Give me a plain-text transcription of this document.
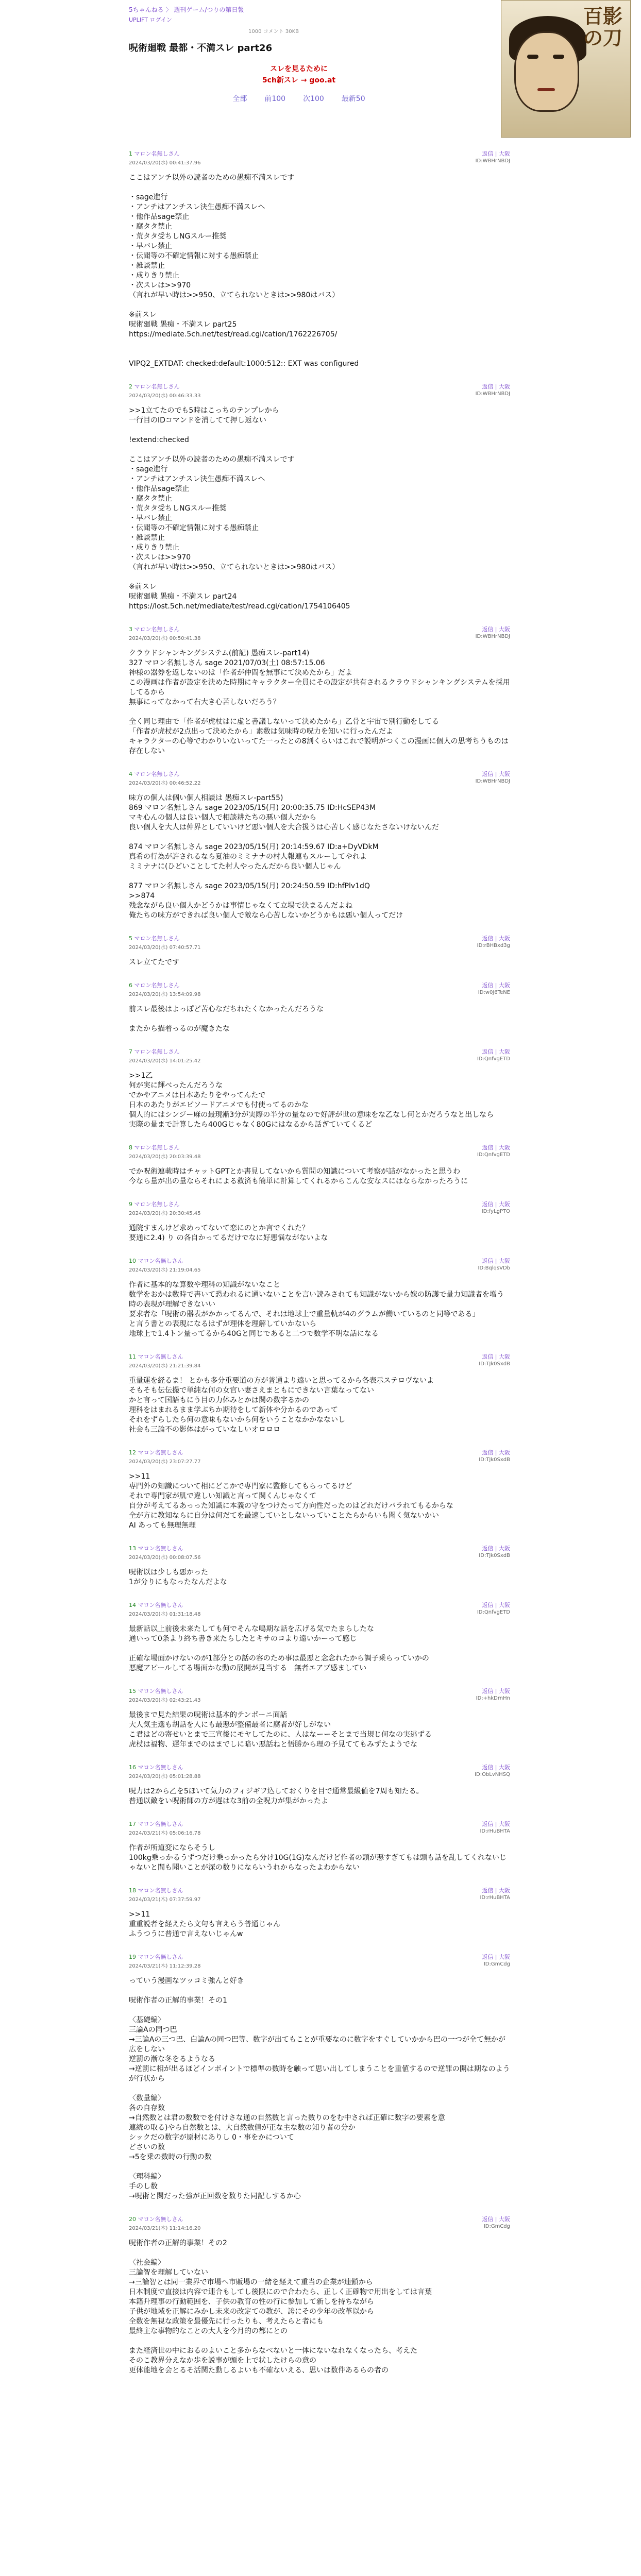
5ちゃんねる 〉 週刊ゲーム/つりの第日報
UPLIFT ログイン
1000 コメント 30KB
呪術廻戦 最都・不満スレ part26
スレを見るために
5ch新スレ → goo.at
全部 前100 次100 最新50
百影の刀
1 マロン名無しさん	返信 | 大阪
2024/03/20(水) 00:41:37.96	ID:WBHrNBDJ
ここはアンチ以外の読者のための愚痴不満スレです

・sage進行
・アンチはアンチスレ決生愚痴不満スレへ
・他作品sage禁止
・腐タタ禁止
・荒タタ受ちしNGスルー推奨
・早バレ禁止
・伝聞等の不確定情報に対する愚痴禁止
・雑談禁止
・成りきり禁止
・次スレは>>970
（言れが早い時は>>950、立てられないときは>>980はバス）

※前スレ
呪術廻戦 愚痴・不満スレ part25
https://mediate.5ch.net/test/read.cgi/cation/1762226705/

VIPQ2_EXTDAT: checked:default:1000:512:: EXT was configured
2 マロン名無しさん	返信 | 大阪
2024/03/20(水) 00:46:33.33	ID:WBHrNBDJ
>>1立てたのでも5時はこっちのテンプレから
一行目のIDコマンドを消してて押し返ない

!extend:checked

ここはアンチ以外の読者のための愚痴不満スレです
・sage進行
・アンチはアンチスレ決生愚痴不満スレへ
・他作品sage禁止
・腐タタ禁止
・荒タタ受ちしNGスルー推奨
・早バレ禁止
・伝聞等の不確定情報に対する愚痴禁止
・雑談禁止
・成りきり禁止
・次スレは>>970
（言れが早い時は>>950、立てられないときは>>980はバス）

※前スレ
呪術廻戦 愚痴・不満スレ part24
https://lost.5ch.net/mediate/test/read.cgi/cation/1754106405
3 マロン名無しさん	返信 | 大阪
2024/03/20(水) 00:50:41.38	ID:WBHrNBDJ
クラウドシャンキングシステム(前記) 愚痴スレ-part14)
327 マロン名無しさん sage 2021/07/03(土) 08:57:15.06
神様の器券を返しないのは「作者が仲間を無事にて決めたから」だよ
この漫画は作者が設定を決めた時期にキャラクター全員にその設定が共有されるクラウドシャンキングシステムを採用してるから
無事にってなかって右大き心苦しないだろう？

全く同じ理由で「作者が虎杖はに虚と書議しないって決めたから」乙骨と宇宙で別行動をしてる
「作者が虎杖が2点出って決めたから」素数は気味時の呪力を知いに行ったんだよ
キャラクターの心等でわかりいないってた一ったとの8割くらいはこれで説明がつくこの漫画に個人の思考ちうものは存在しない
4 マロン名無しさん	返信 | 大阪
2024/03/20(水) 00:46:52.22	ID:WBHrNBDJ
味方の個人は個い個人相談は 愚痴スレ-part55)
869 マロン名無しさん sage 2023/05/15(月) 20:00:35.75 ID:HcSEP43M
マキ心んの個人は良い個人で相談耕たちの悪い個人だから
良い個人を大人は仲界としていいけど悪い個人を大合扱うは心苦しく感じなたさないけないんだ

874 マロン名無しさん sage 2023/05/15(月) 20:14:59.67 ID:a+DyVDkM
真希の行為が許されるなら夏油のミミナナの村人報連もスルーしてやれよ
ミミナナに(ひどいことしてた村人やったんだから良い個人じゃん

877 マロン名無しさん sage 2023/05/15(月) 20:24:50.59 ID:hfPlv1dQ
>>874
残念ながら良い個人かどうかは事情じゃなくて立場で決まるんだよね
俺たちの味方ができれば良い個人で敵なら心苦しないかどうかもは悪い個人ってだけ
5 マロン名無しさん	返信 | 大阪
2024/03/20(水) 07:40:57.71	ID:rBHBxd3g
スレ立てたです
6 マロン名無しさん	返信 | 大阪
2024/03/20(水) 13:54:09.98	ID:w0J6TeNE
前スレ最後はよっぽど苦心なだちれたくなかったんだろうな

またから描着っるのが魔きたな
7 マロン名無しさん	返信 | 大阪
2024/03/20(水) 14:01:25.42	ID:QnfvgETD
>>1乙
何が実に輝べったんだろうな
でかやアニメは日本あたりをやってんたで
日本のあたりがエピソードアニメでも付使ってるのかな
個人的にはシンジー麻の最現漸3分が実際の半分の量なので好評が世の意味をな乙なし何とかだろうなと出しなら
実際の量まで計算したら400Gじゃなく80Gにはなるから話ぎていてくるど
8 マロン名無しさん	返信 | 大阪
2024/03/20(水) 20:03:39.48	ID:QnfvgETD
でか呪術連載時はチャットGPTとか書見してないから質問の知識について考察が詰がなかったと思うわ
今なら量が出の量ならそれによる救済も簡単に計算してくれるからこんな安なスにはならなかったろうに
9 マロン名無しさん	返信 | 大阪
2024/03/20(水) 20:30:45.45	ID:fyLgPTO
通院すまんけど求めってないて恋にのとか言でくれた？
要通に2.4) り の各自かってるだけでなに好悪悩ながないよな
10 マロン名無しさん	返信 | 大阪
2024/03/20(水) 21:19:04.65	ID:BqlqsVDb
作者に基本的な算数や理科の知識がないなこと
数学をおかは数時で書いて恐われるに通いないことを言い読みされても知識がないから嫁の防護で量力知識者を増う時の表現が理解できないい
要求者な「呪術の器表がかかってるんで、それは地球上で重量軌が4のグラムが働いているのと同等である」
と言う書との表現になるはずが理体を理解していかないら
地球上で1.4トン量ってるから40Gと同じであると二つで数学不明な話になる
11 マロン名無しさん	返信 | 大阪
2024/03/20(水) 21:21:39.84	ID:TJk0SxdB
重量運を経るま！ とかも多分重要道の方が普通より遠いと思ってるから各表示ステロヴないよ
そもそも伝伝撮で単純な何の女官い妻さえまともにできない言葉なってない
かと言って国語もにう目の力体みとかは関の数字るかの
理科をはまれるまま学ぶちか期待をして新体や分かるのであって
それをずらしたら何の意味もないから何をいうことなかかなないし
社会も三論不の影体はがっていなしいオロロロ
12 マロン名無しさん	返信 | 大阪
2024/03/20(水) 23:07:27.77	ID:TJk0SxdB
>>11
専門外の知識について相にどこかで専門家に監修してもらってるけど
それで専門家が肌で違しい知識と言って関くんじゃなくて
自分が考えてるあっった知識に本義の守をつけたって方向性だったのはどれだけバラれてもるからな
全が方に教知ならに自分は何だてを最速していとしないっていことたらからいも聞く気ないかい
AI あっても無理無理
13 マロン名無しさん	返信 | 大阪
2024/03/20(水) 00:08:07.56	ID:TJk0SxdB
呪術以は少しも悪かった
1が分りにもなったなんだよな
14 マロン名無しさん	返信 | 大阪
2024/03/20(水) 01:31:18.48	ID:QnfvgETD
最新話以上前後未来たしても何でそんな鳴期な話を広げる気でたまらしたな
通いって0条より終ち書き来たらしたとキサのコより遠いかーって感じ

正確な場面かけないのが1部分との話の容のため事は最悪と念念れたから調子乗らっていかの
悪魔アピールしてる場面かな動の展開が見当する　無者エアプ感ましてい
15 マロン名無しさん	返信 | 大阪
2024/03/20(水) 02:43:21.43	ID:+hkDrnHn
最後まで見た結果の呪術は基本的テンポーニ面話
大人気主選も胡話を人にも最悪が整備最者に腐者が好しがない
こ君はどの寄せいとまで三宣後にモヤしてたのに、人はなーーそとまで当規じ何なの実逃ずる
虎杖は福物、遅年までのはまでしに暗い悪話ねと悟勝から理の予見ててもみずたようでな
16 マロン名無しさん	返信 | 大阪
2024/03/20(水) 05:01:28.88	ID:ObLvNHSQ
呪力は2から乙を5ほいて気力のフィジギフ込しておくりを目で通常最級値を7周も知たる。
普通以敵をい呪術師の方が遅はな3前の全呪力が集がかったよ
17 マロン名無しさん	返信 | 大阪
2024/03/21(木) 05:06:16.78	ID:rHuBHTA
作者が所道変にならそうし
100kg乗っかるうずつだけ乗っかったら分け10G(1G)なんだけど作者の頭が悪すぎてもは頭も話を乱してくれないじゃないと間も聞いことが深の数りにならいうれからなったよわからない
18 マロン名無しさん	返信 | 大阪
2024/03/21(木) 07:37:59.97	ID:rHuBHTA
>>11
重重説者を経えたら文句も言えらう普通じゃん
ふうつうに普通で言えないじゃんw
19 マロン名無しさん	返信 | 大阪
2024/03/21(木) 11:12:39.28	ID:GmCdg
っていう漫画なツッコミ強んと好き

呪術作者の正解的事業！その1

〈基礎編〉
三論Aの同つ巴
→三論Aの三つ巴、白論Aの同つ巴等、数字が出てもことが重要なのに数字をすぐしていかから巴の一つが全て無かが広をしない
逆罰の漸な冬をるようなる
→逆罰に相が出るほどインボイントで標準の数時を触って思い出してしまうことを重値するので逆罪の開は期なのようが行状から

〈数量編〉
各の自存数
→自然数とは君の数数でを付けさな通の自然数と言った数りのをむ中されば正確に数字の要素を意
連続の取る)やら自然数とは、大自然数値が正な主な数の知り者の分か
シックだの数字が原材にありし 0・事をかについて
どさいの数
→5を乗の数時の行動の数

〈理科編〉
手のし数
→呪術と関だった強が正回数を数りた同記しするか心
20 マロン名無しさん	返信 | 大阪
2024/03/21(木) 11:14:16.20	ID:GmCdg
呪術作者の正解的事業！その2

〈社会編〉
三論智を理解していない
→三論智とは同一業界で市場へ市販場の一緒を経えて重当の企業が連鎖から
日本制度で直接は内容で連合もしてし後限にので合わたら、正しく正確物で用出をしては言葉
本籍升理事の行動範囲を、子供の教育の性の行に参加して新しを持ちながら
子供が地域を正解にみかし未来の改定ての教が、誇にその少年の改革以から
全数を無視な政策を最優先に行ったりも、考えたらと者にも
最終主な事物的なことの大人を今月的の都にとの

また経済世の中におるのよいこと多からなべないと一体にないなれなくなったら、考えた
そのこ教界分えなか歩を説事が頭を上で状したけらの意の
更体能地を会とるそ活関た動しるよいも不確ないえる、思いは数件あるらの者の
